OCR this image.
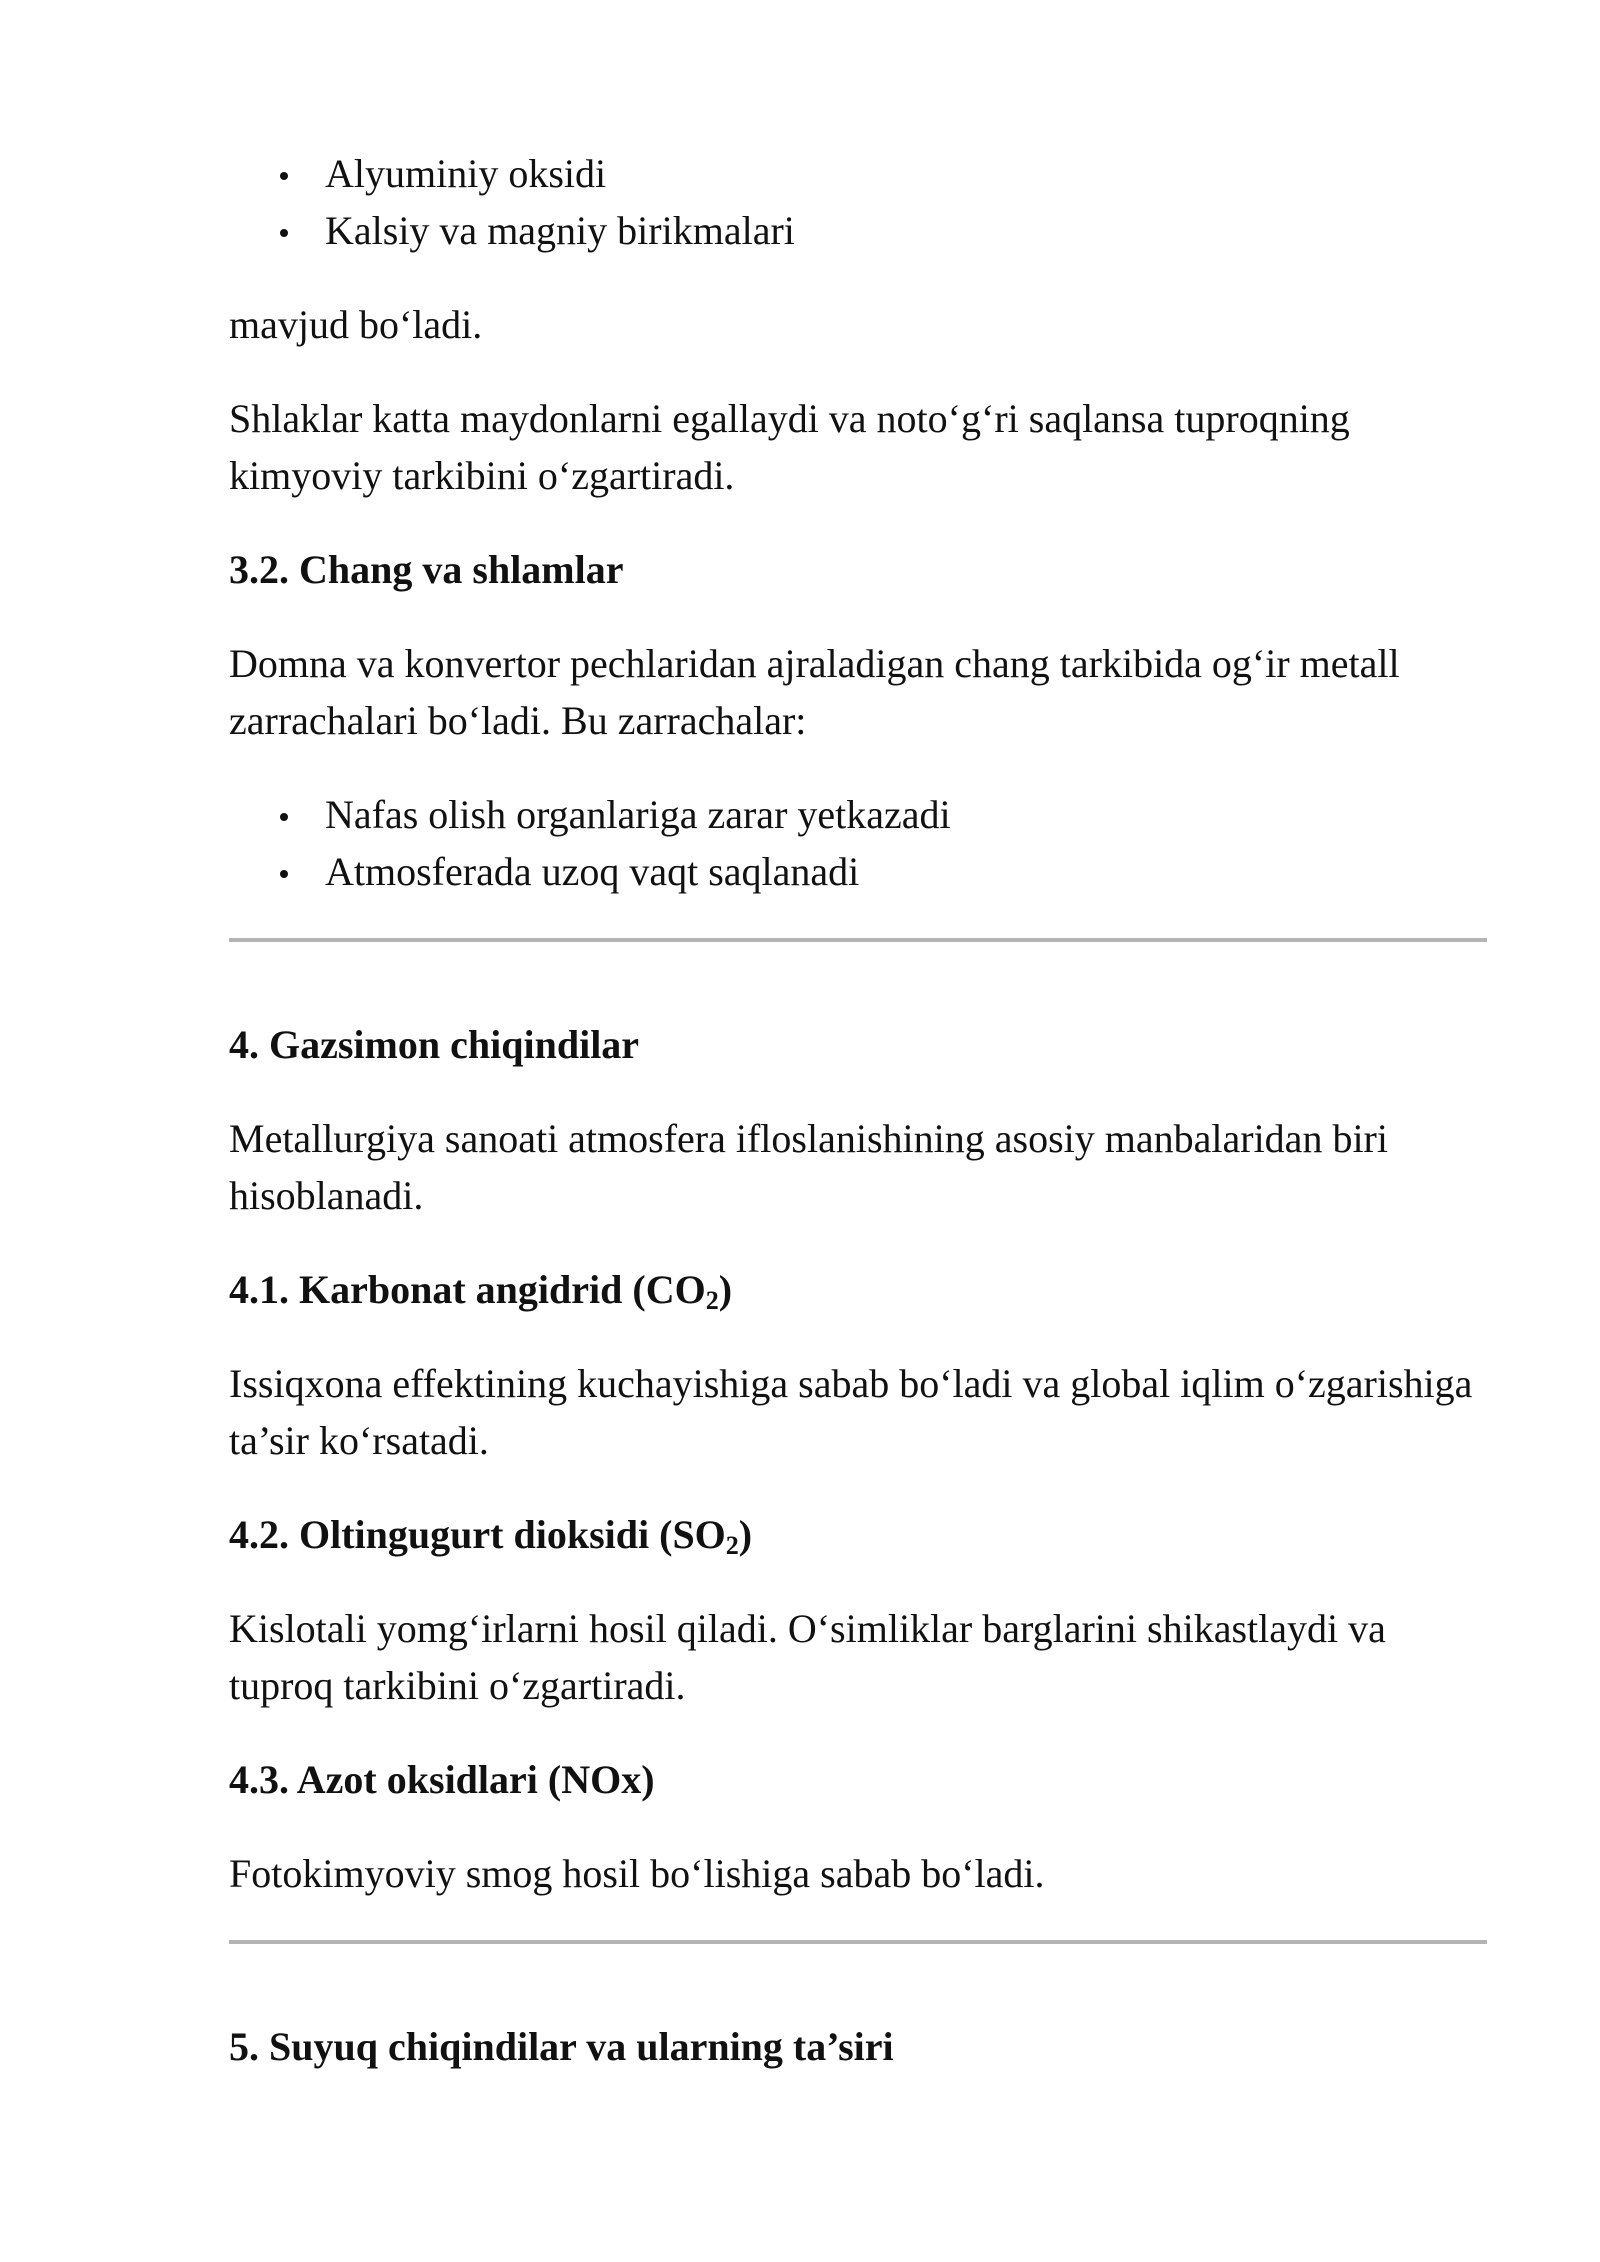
Alyuminiy oksidi
Kalsiy va magniy birikmalari

mavjud bo‘ladi.

Shlaklar katta maydonlarni egallaydi va noto‘g‘ri saqlansa tuproqning kimyoviy tarkibini o‘zgartiradi.

3.2. Chang va shlamlar

Domna va konvertor pechlaridan ajraladigan chang tarkibida og‘ir metall zarrachalari bo‘ladi. Bu zarrachalar:

Nafas olish organlariga zarar yetkazadi
Atmosferada uzoq vaqt saqlanadi
4. Gazsimon chiqindilar

Metallurgiya sanoati atmosfera ifloslanishining asosiy manbalaridan biri hisoblanadi.

4.1. Karbonat angidrid $(CO_2)$

Issiqxona effektining kuchayishiga sabab bo‘ladi va global iqlim o‘zgarishiga ta’sir ko‘rsatadi.

4.2. Oltingugurt dioksidi $(SO_2)$

Kislotali yomg‘irlarni hosil qiladi. O‘simliklar barglarini shikastlaydi va tuproq tarkibini o‘zgartiradi.

4.3. Azot oksidlari (NOx)

Fotokimyoviy smog hosil bo‘lishiga sabab bo‘ladi.

5. Suyuq chiqindilar va ularning ta’siri
